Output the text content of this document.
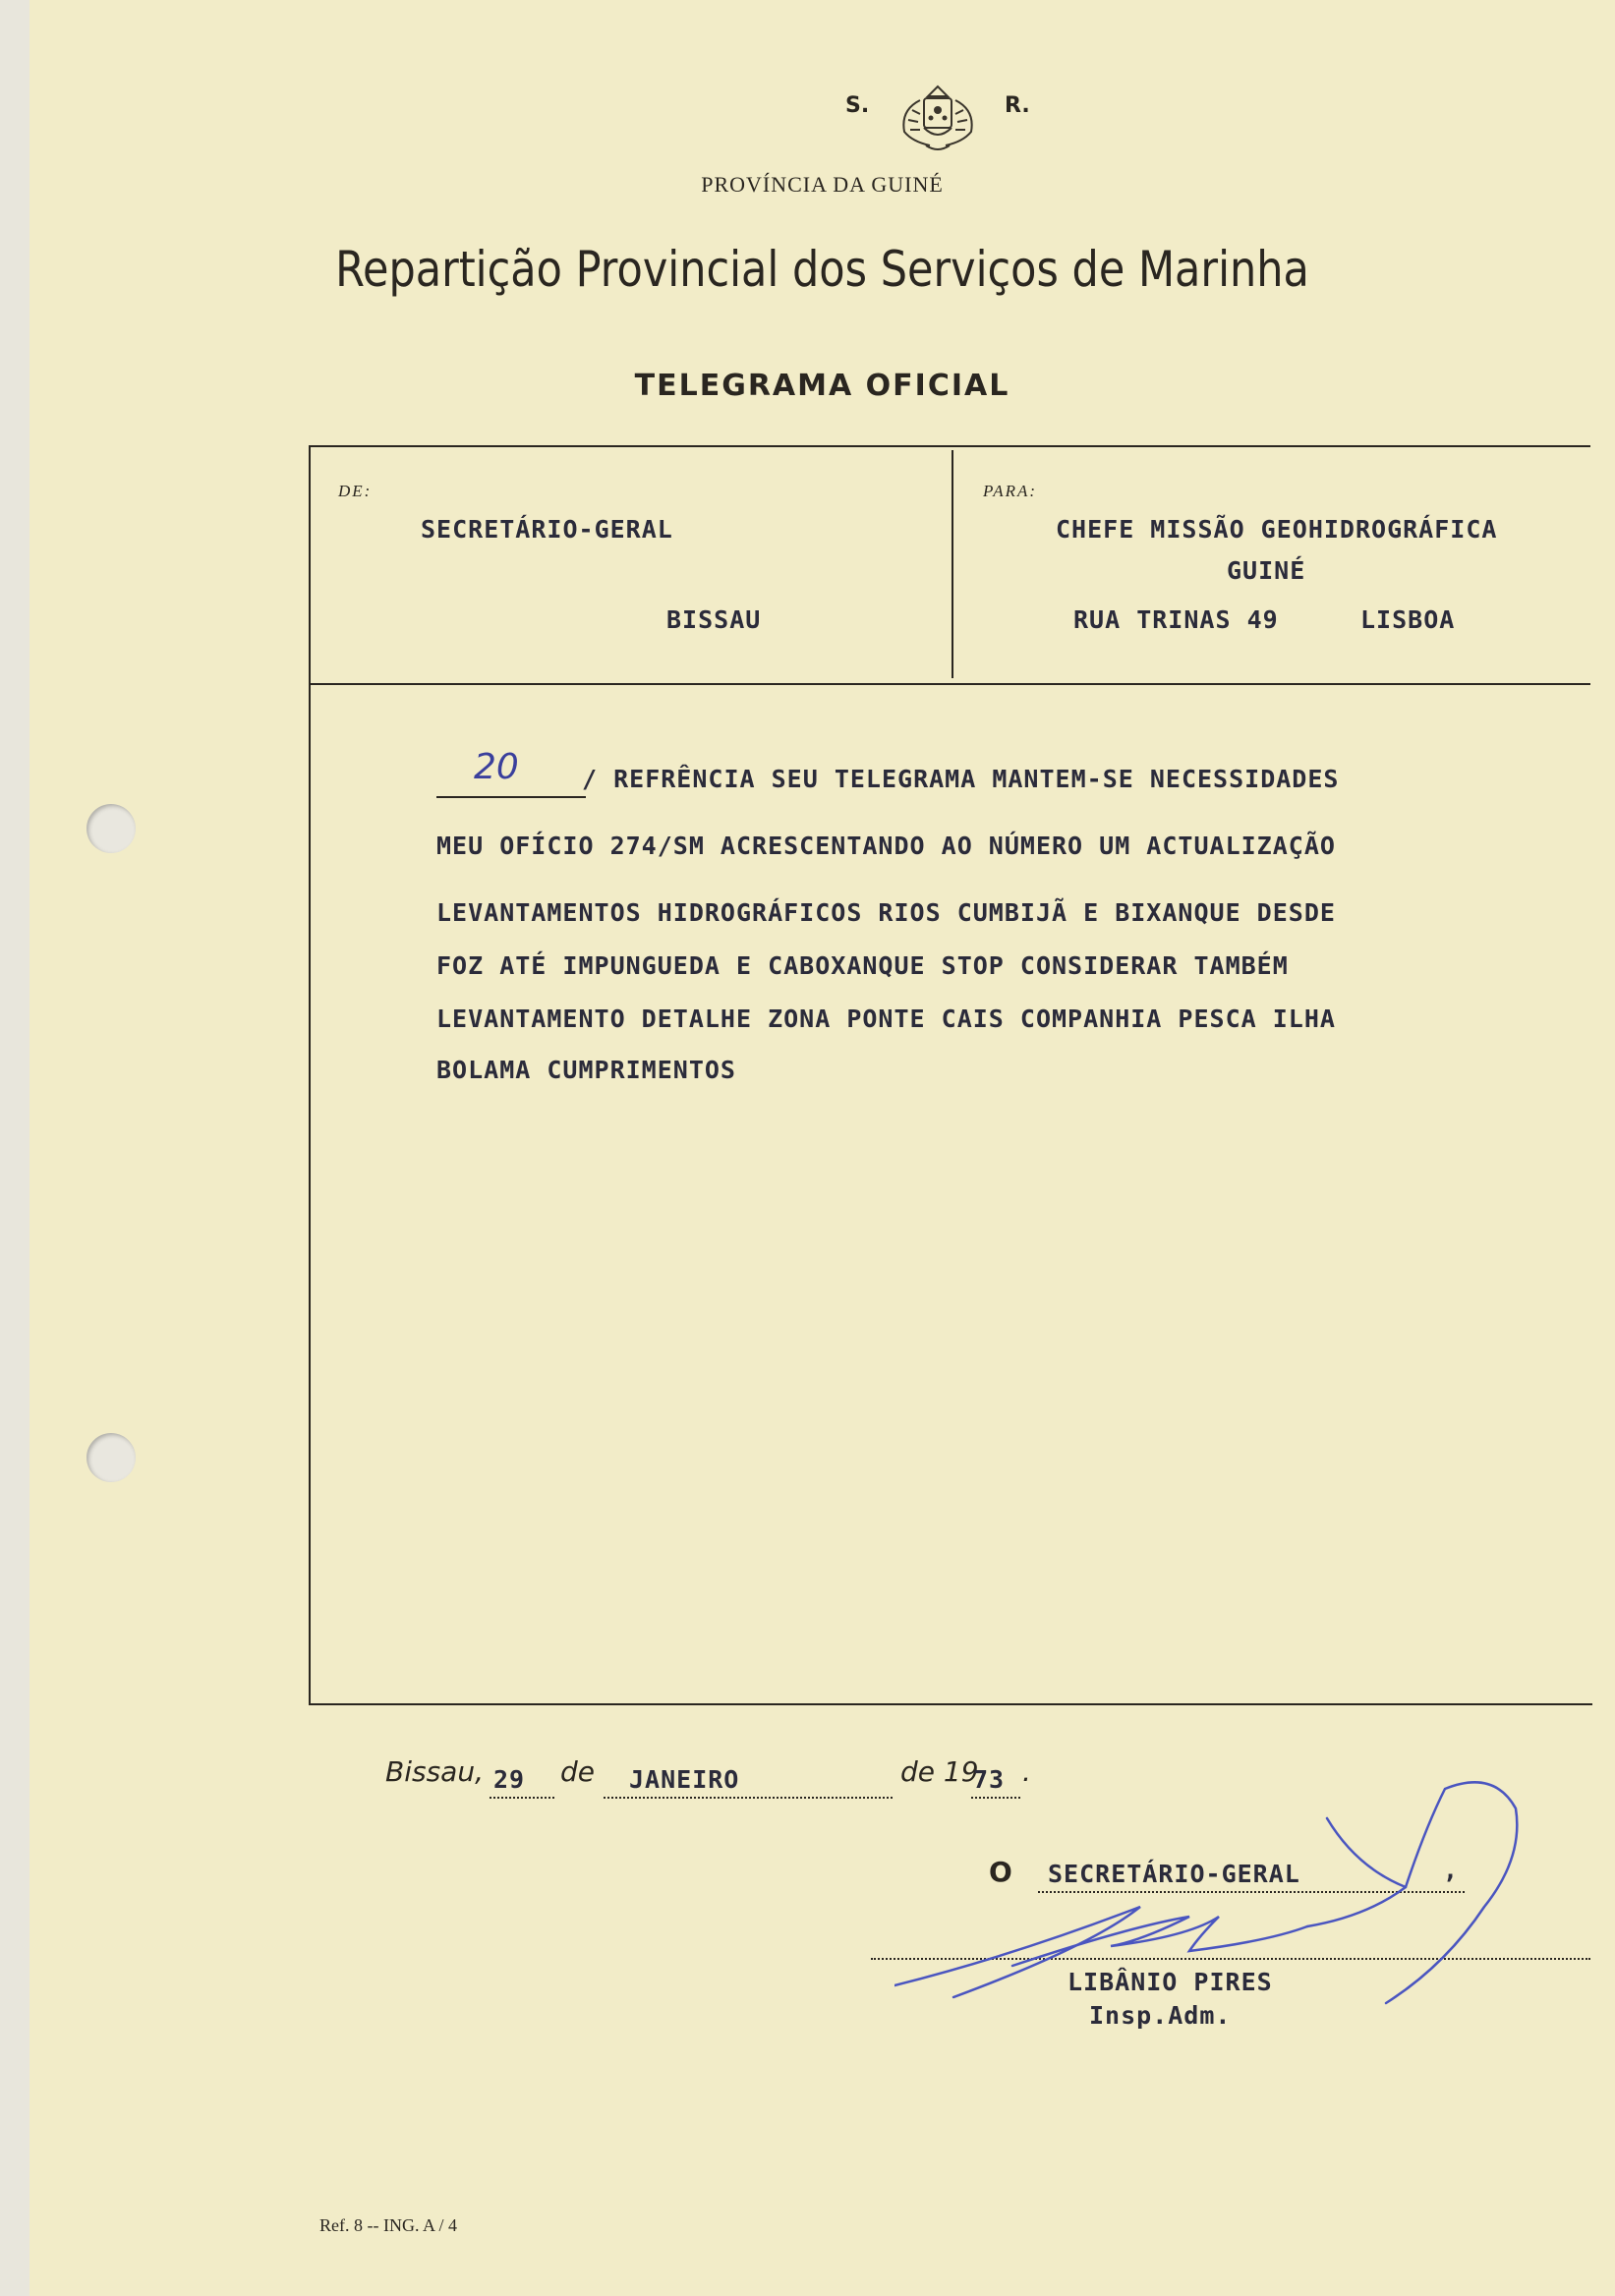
S.	R.
PROVÍNCIA DA GUINÉ
Repartição Provincial dos Serviços de Marinha
TELEGRAMA OFICIAL
DE:
SECRETÁRIO-GERAL
BISSAU
PARA:
CHEFE MISSÃO GEOHIDROGRÁFICA
GUINÉ
RUA TRINAS 49	LISBOA
20	/ REFRÊNCIA SEU TELEGRAMA MANTEM-SE NECESSIDADES
MEU OFÍCIO 274/SM ACRESCENTANDO AO NÚMERO UM ACTUALIZAÇÃO
LEVANTAMENTOS HIDROGRÁFICOS RIOS CUMBIJÃ E BIXANQUE DESDE
FOZ ATÉ IMPUNGUEDA E CABOXANQUE STOP CONSIDERAR TAMBÉM
LEVANTAMENTO DETALHE ZONA PONTE CAIS COMPANHIA PESCA ILHA
BOLAMA CUMPRIMENTOS
Bissau, 29 de JANEIRO	de 19
73 .
O SECRETÁRIO-GERAL	,
LIBÂNIO PIRES
Insp.Adm.
Ref. 8 -- ING. A / 4
